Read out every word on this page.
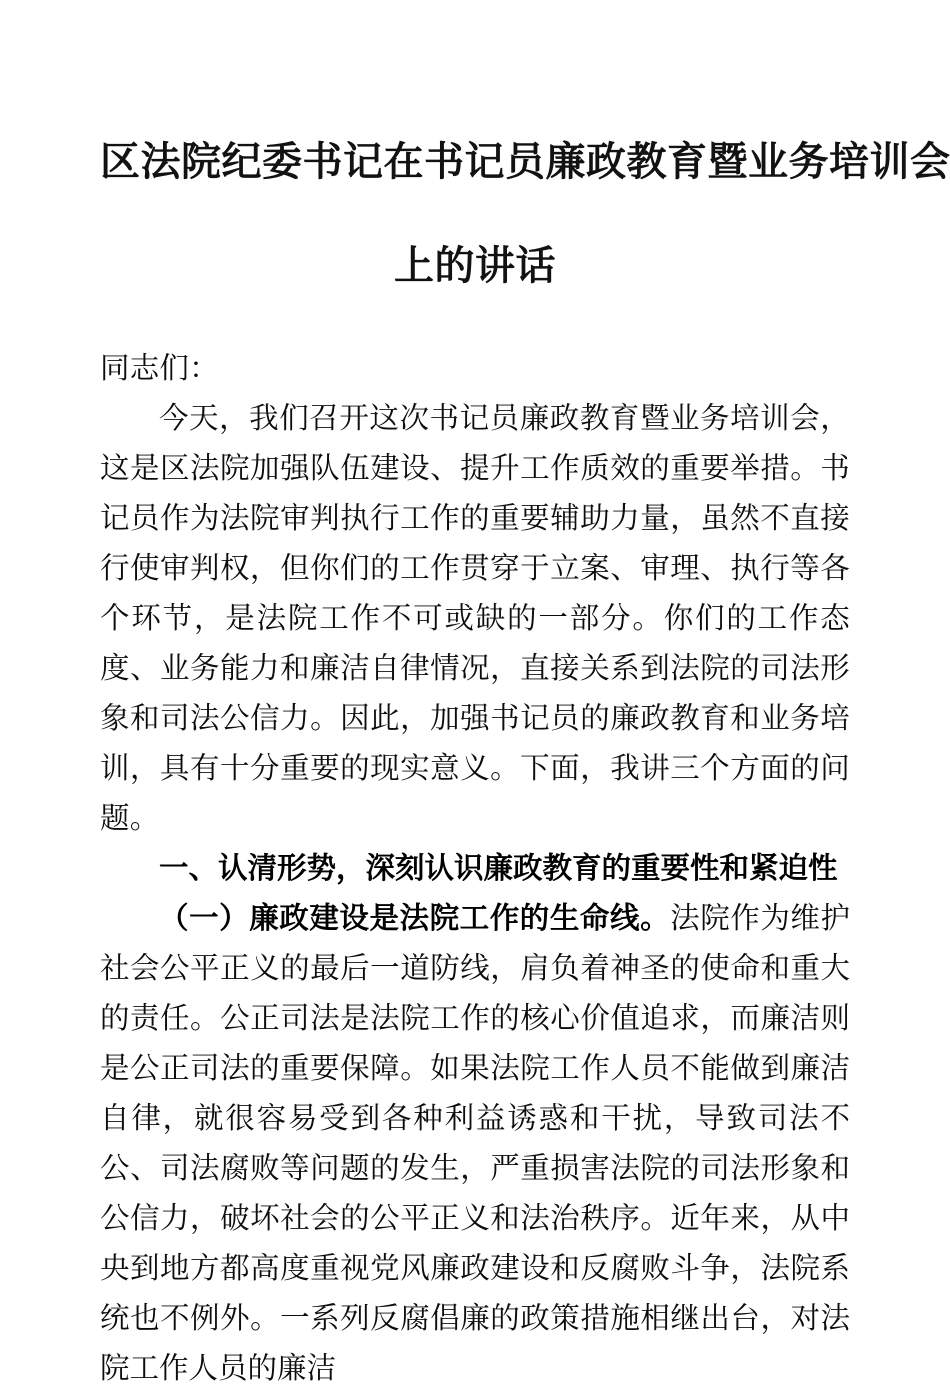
区法院纪委书记在书记员廉政教育暨业务培训会
上的讲话

同志们：

今天，我们召开这次书记员廉政教育暨业务培训会，这是区法院加强队伍建设、提升工作质效的重要举措。书记员作为法院审判执行工作的重要辅助力量，虽然不直接行使审判权，但你们的工作贯穿于立案、审理、执行等各个环节，是法院工作不可或缺的一部分。你们的工作态度、业务能力和廉洁自律情况，直接关系到法院的司法形象和司法公信力。因此，加强书记员的廉政教育和业务培训，具有十分重要的现实意义。下面，我讲三个方面的问题。

一、认清形势，深刻认识廉政教育的重要性和紧迫性

（一）廉政建设是法院工作的生命线。法院作为维护社会公平正义的最后一道防线，肩负着神圣的使命和重大的责任。公正司法是法院工作的核心价值追求，而廉洁则是公正司法的重要保障。如果法院工作人员不能做到廉洁自律，就很容易受到各种利益诱惑和干扰，导致司法不公、司法腐败等问题的发生，严重损害法院的司法形象和公信力，破坏社会的公平正义和法治秩序。近年来，从中央到地方都高度重视党风廉政建设和反腐败斗争，法院系统也不例外。一系列反腐倡廉的政策措施相继出台，对法院工作人员的廉洁
